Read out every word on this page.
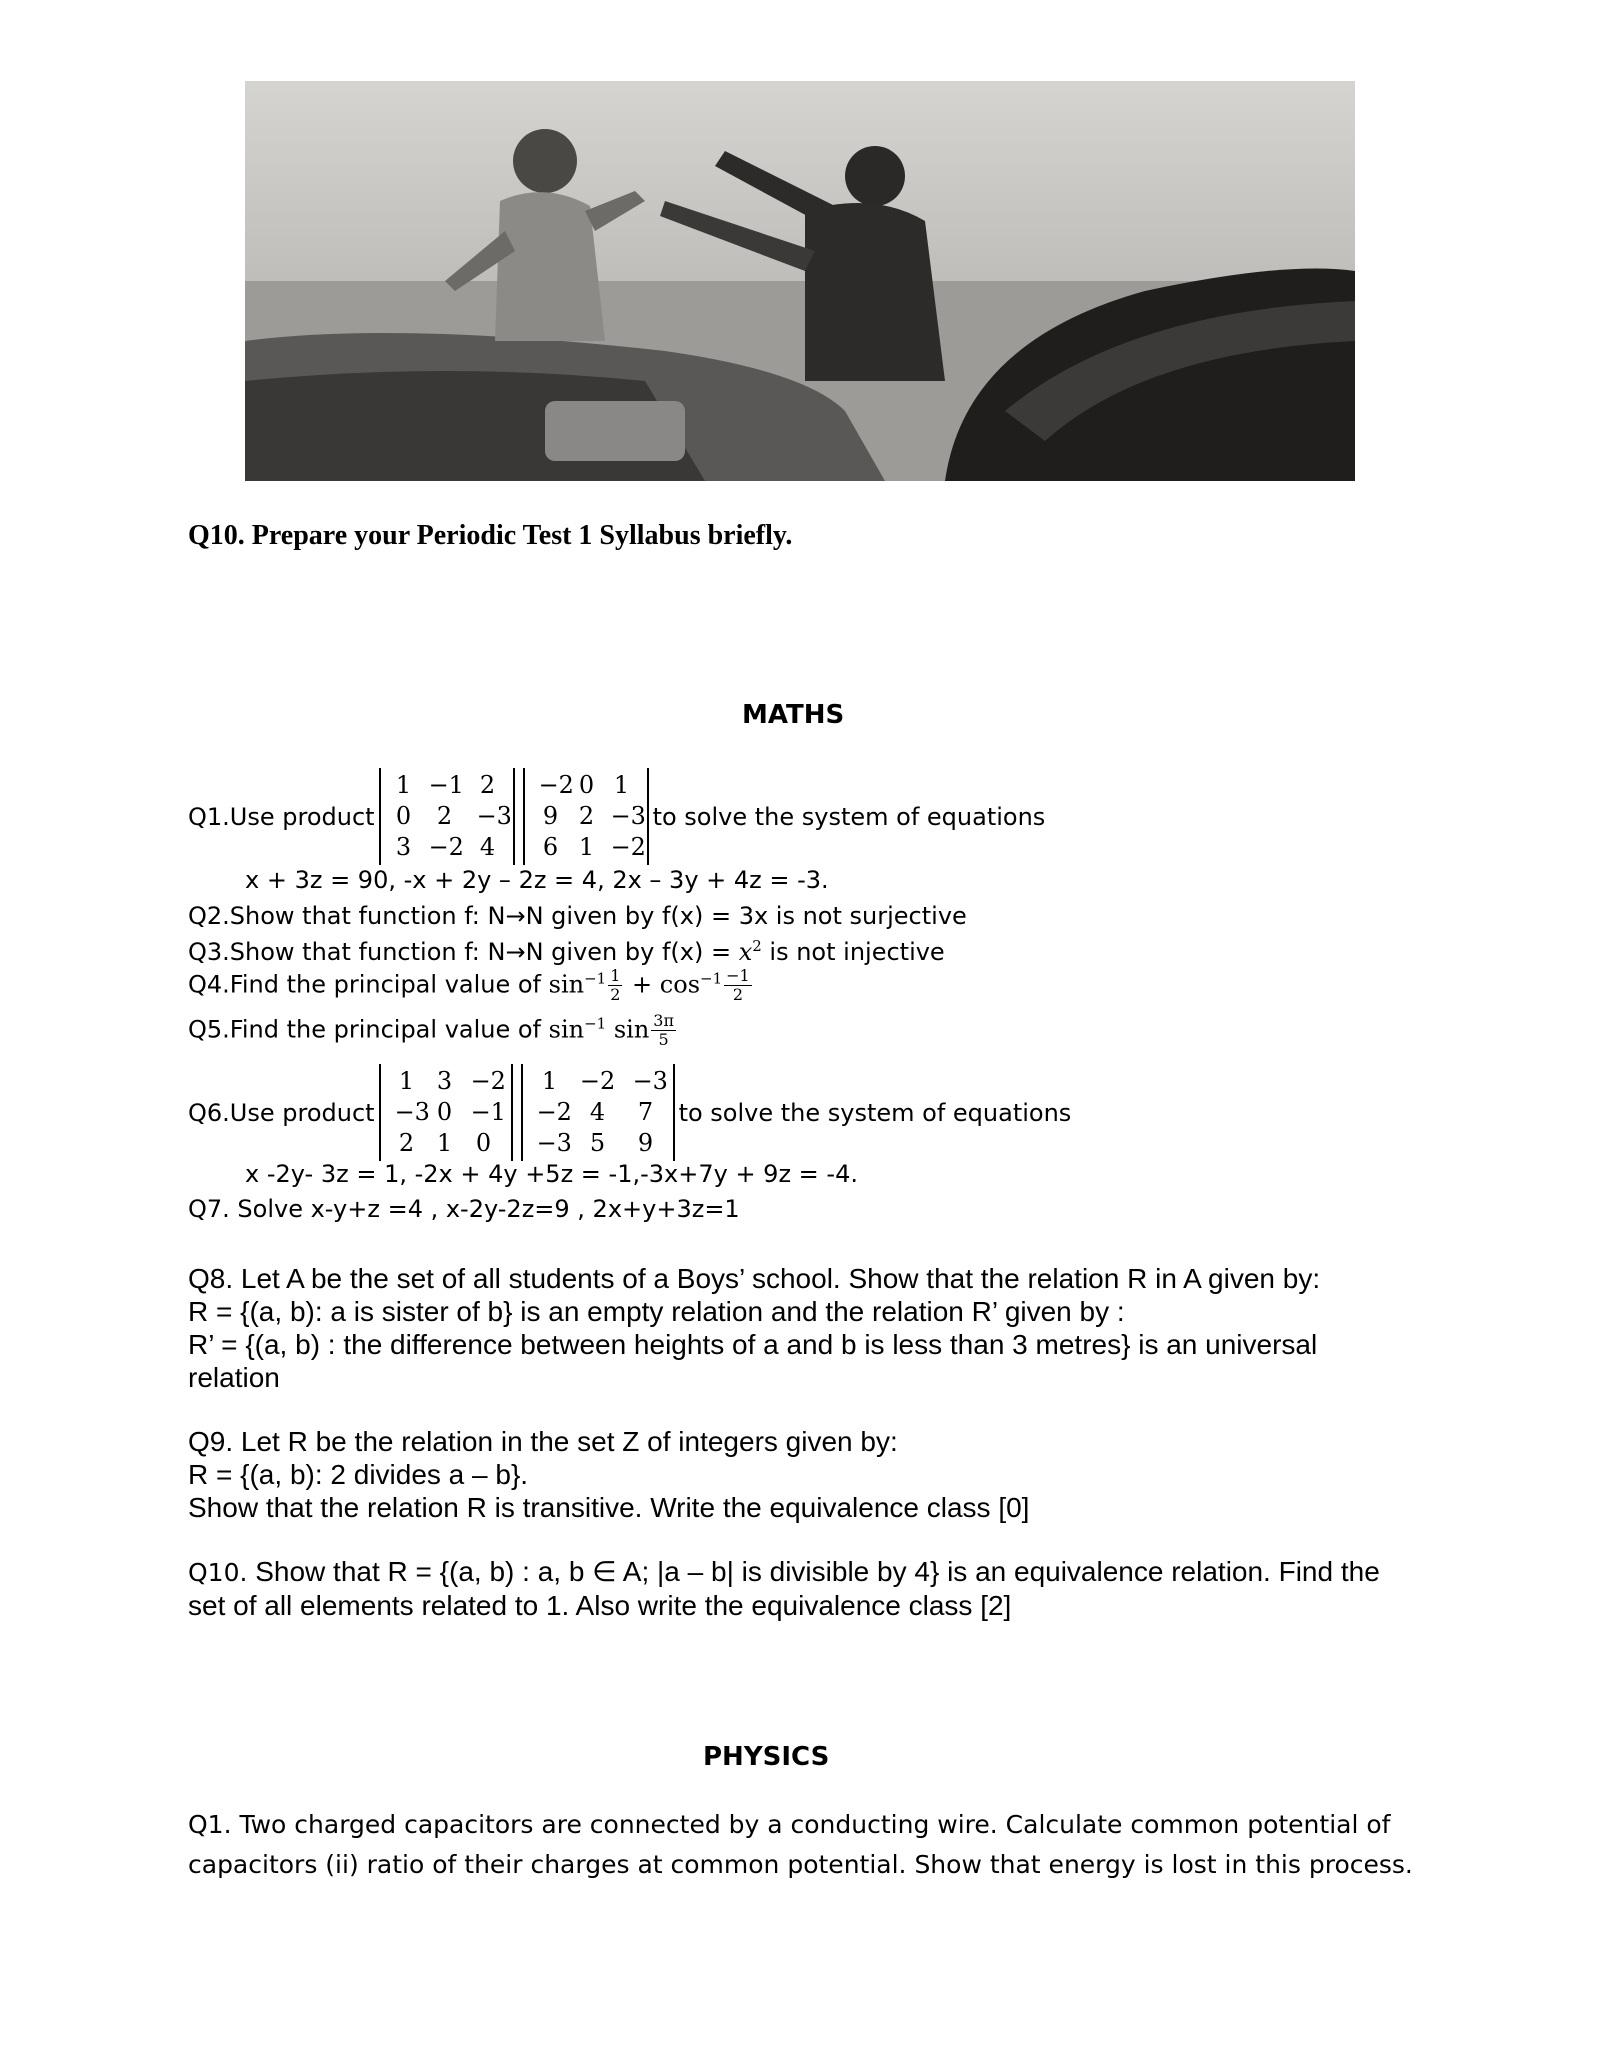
Q10. Prepare your Periodic Test 1 Syllabus briefly.
MATHS
Q1.Use product
1 −1 2
0	2	−3
3 −2 4
−2 0 1
9 2 −3
6 1 −2
to solve the system of equations
x + 3z = 90, -x + 2y – 2z = 4, 2x – 3y + 4z = -3.
Q2.Show that function f: N→N given by f(x) = 3x is not surjective
Q3.Show that function f: N→N given by $f(x) = x^2$ is not injective
Q4.Find the principal value of $\sin^{-1} \frac{1}{2} + \cos^{-1} \frac{-1}{2}$
Q5.Find the principal value of $\sin^{-1} \sin \frac{3\pi}{5}$
Q6.Use product
1 3 −2
−3 0 −1
2 1 0
1 −2 −3
−2 4	7
−3 5	9
to solve the system of equations
x -2y- 3z = 1, -2x + 4y +5z = -1,-3x+7y + 9z = -4.
Q7. Solve x-y+z =4 , x-2y-2z=9 , 2x+y+3z=1
Q8. Let A be the set of all students of a Boys’ school. Show that the relation R in A given by:
R = {(a, b): a is sister of b} is an empty relation and the relation R’ given by :
R’ = {(a, b) : the difference between heights of a and b is less than 3 metres} is an universal
relation
Q9. Let R be the relation in the set Z of integers given by:
R = {(a, b): 2 divides a – b}.
Show that the relation R is transitive. Write the equivalence class [0]
Q10. Show that R = {(a, b) : a, b ∈ A; |a – b| is divisible by 4} is an equivalence relation. Find the
set of all elements related to 1. Also write the equivalence class [2]
PHYSICS
Q1. Two charged capacitors are connected by a conducting wire. Calculate common potential of
capacitors (ii) ratio of their charges at common potential. Show that energy is lost in this process.
